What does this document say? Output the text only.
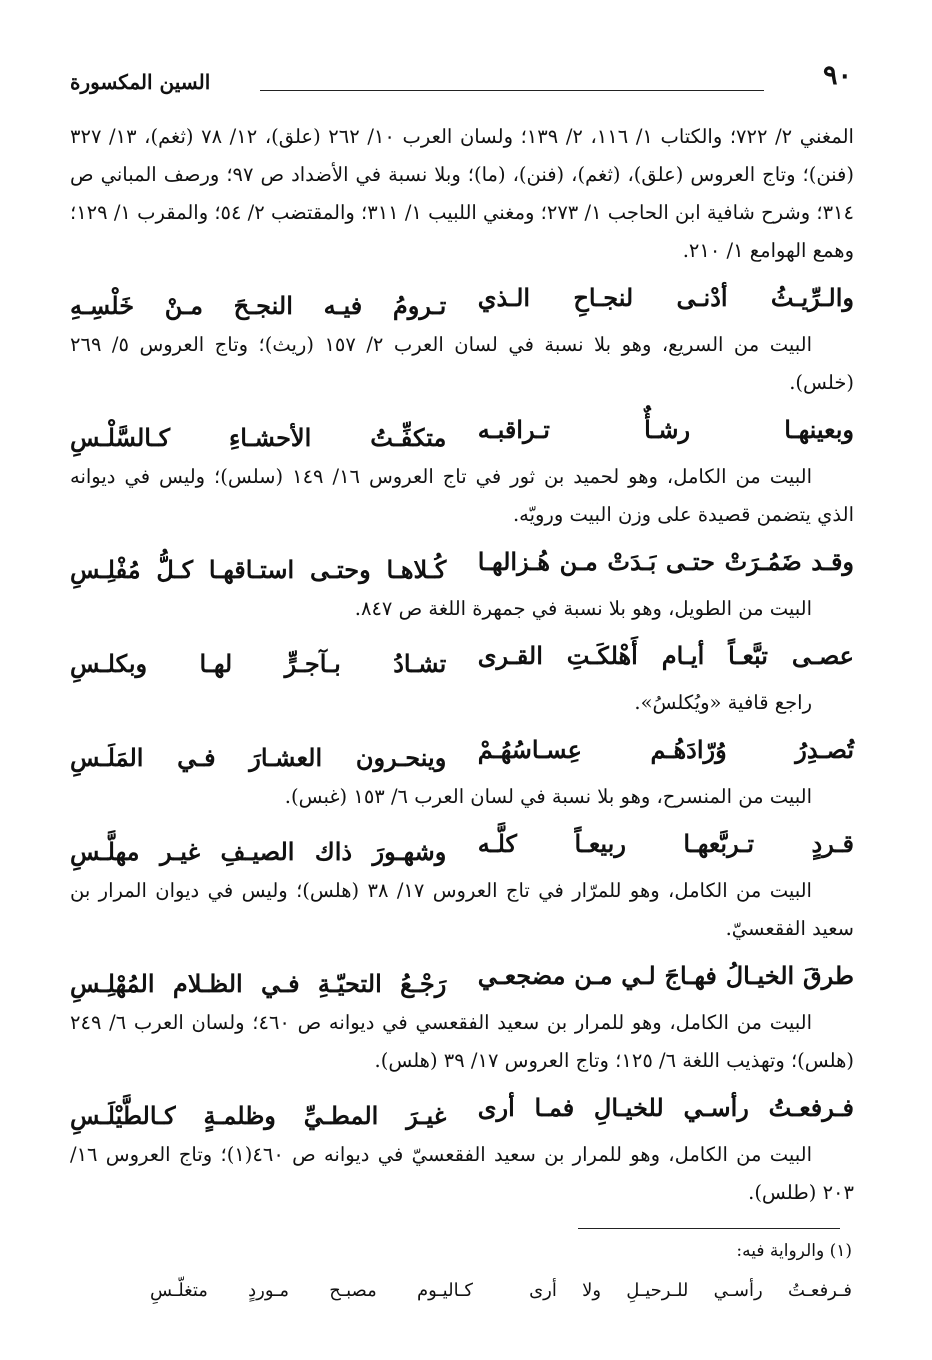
٩٠
السين المكسورة

المغني ٢/ ٧٢٢؛ والكتاب ١/ ١١٦، ٢/ ١٣٩؛ ولسان العرب ١٠/ ٢٦٢ (علق)، ١٢/ ٧٨ (ثغم)، ١٣/ ٣٢٧ (فنن)؛ وتاج العروس (علق)، (ثغم)، (فنن)، (ما)؛ وبلا نسبة في الأضداد ص ٩٧؛ ورصف المباني ص ٣١٤؛ وشرح شافية ابن الحاجب ١/ ٢٧٣؛ ومغني اللبيب ١/ ٣١١؛ والمقتضب ٢/ ٥٤؛ والمقرب ١/ ١٢٩؛ وهمع الهوامع ١/ ٢١٠.

والـرِّيـثُ أدْنـى لنجـاحِ الـذي
تـرومُ فيـه النجـحَ مـنْ خَلْسِـهِ

البيت من السريع، وهو بلا نسبة في لسان العرب ٢/ ١٥٧ (ريث)؛ وتاج العروس ٥/ ٢٦٩ (خلس).

وبعينهـا رشـأٌ تـراقبـه
متكفِّـتُ الأحشـاءِ كـالسَّلْـسِ

البيت من الكامل، وهو لحميد بن ثور في تاج العروس ١٦/ ١٤٩ (سلس)؛ وليس في ديوانه الذي يتضمن قصيدة على وزن البيت ورويّه.

وقـد ضَمُـرَتْ حتـى بَـدَتْ مـن هُـزالهـا
كُـلاهـا وحتـى استـاقهـا كـلُّ مُفْلِـسِ

البيت من الطويل، وهو بلا نسبة في جمهرة اللغة ص ٨٤٧.

عصـى تبَّعـاً أيـام أَهْلكَـتِ القـرى
تشـادُ بـآجـرٍّ لهـا وبكلـسِ

راجع قافية «ويُكلسُ».

تُصـدِرُ وُرّادَهُـم عِسـاسُهُـمْ
وينحـرون العشـارَ فـي المَلَـسِ

البيت من المنسرح، وهو بلا نسبة في لسان العرب ٦/ ١٥٣ (غبس).

قـردٍ تـربَّعهـا ربيعـاً كلَّـه
وشهـورَ ذاك الصيـفِ غيـر مهلَّـسِ

البيت من الكامل، وهو للمرّار في تاج العروس ١٧/ ٣٨ (هلس)؛ وليس في ديوان المرار بن سعيد الفقعسيّ.

طرقَ الخيـالُ فهـاجَ لـي مـن مضجعـي
رَجْـعُ التحيّـةِ فـي الظـلام المُهْلِـسِ

البيت من الكامل، وهو للمرار بن سعيد الفقعسي في ديوانه ص ٤٦٠؛ ولسان العرب ٦/ ٢٤٩ (هلس)؛ وتهذيب اللغة ٦/ ١٢٥؛ وتاج العروس ١٧/ ٣٩ (هلس).

فـرفعـتُ رأسـي للخيـالِ فمـا أرى
غيـرَ المطـيِّ وظلمـةٍ كـالطَّيْلَـسِ

البيت من الكامل، وهو للمرار بن سعيد الفقعسيّ في ديوانه ص ٤٦٠(١)؛ وتاج العروس ١٦/ ٢٠٣ (طلس).

(١) والرواية فيه:
فـرفعـتُ رأسـي للـرحيـلِ ولا أرى
كـاليـوم مصبـح مـوردٍ متغلّـسِ
